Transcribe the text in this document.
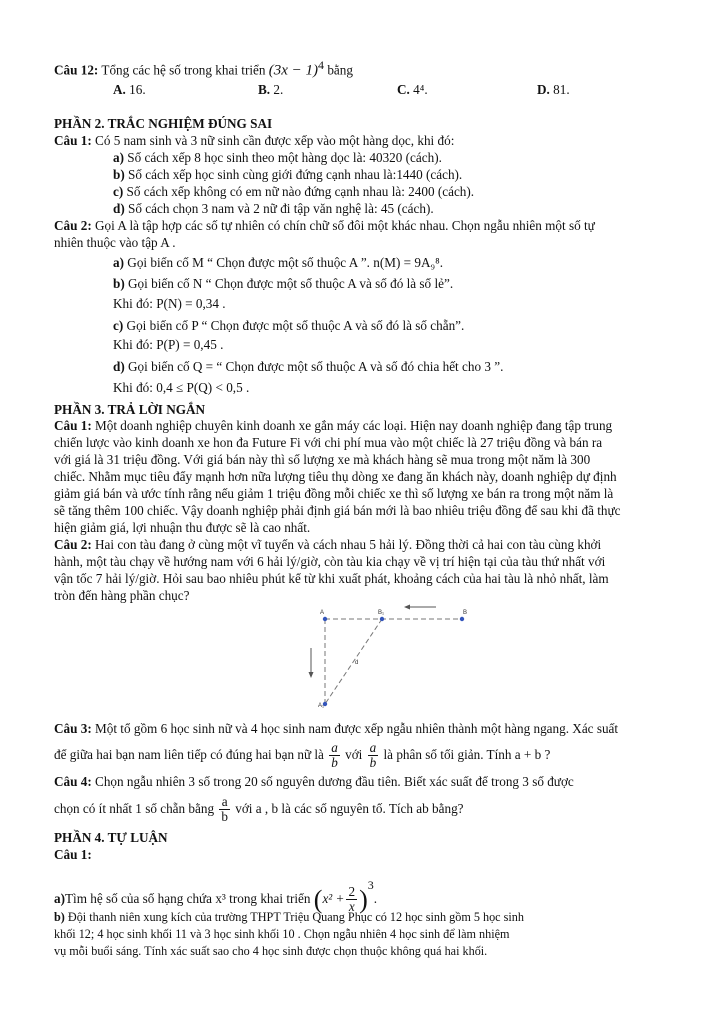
Câu 12: Tổng các hệ số trong khai triển $(3x - 1)^4$ bằng
A. 16.	B. 2.	C. 4⁴.	D. 81.
PHẦN 2. TRẮC NGHIỆM ĐÚNG SAI
Câu 1: Có 5 nam sinh và 3 nữ sinh cần được xếp vào một hàng dọc, khi đó:
a) Số cách xếp 8 học sinh theo một hàng dọc là: 40320 (cách).
b) Số cách xếp học sinh cùng giới đứng cạnh nhau là:1440 (cách).
c) Số cách xếp không có em nữ nào đứng cạnh nhau là: 2400 (cách).
d) Số cách chọn 3 nam và 2 nữ đi tập văn nghệ là: 45 (cách).
Câu 2: Gọi A là tập hợp các số tự nhiên có chín chữ số đôi một khác nhau. Chọn ngẫu nhiên một số tự
nhiên thuộc vào tập A .
a) Gọi biến cố M “ Chọn được một số thuộc A ”. n(M) = 9A₉⁸.
b) Gọi biến cố N “ Chọn được một số thuộc A và số đó là số lẻ”.
Khi đó: P(N) = 0,34 .
c) Gọi biến cố P “ Chọn được một số thuộc A và số đó là số chẵn”.
Khi đó: P(P) = 0,45 .
d) Gọi biến cố Q = “ Chọn được một số thuộc A và số đó chia hết cho 3 ”.
Khi đó: 0,4 ≤ P(Q) < 0,5 .
PHẦN 3. TRẢ LỜI NGẮN
Câu 1: Một doanh nghiệp chuyên kinh doanh xe gắn máy các loại. Hiện nay doanh nghiệp đang tập trung
chiến lược vào kinh doanh xe hon đa Future Fi với chi phí mua vào một chiếc là 27 triệu đồng và bán ra
với giá là 31 triệu đồng. Với giá bán này thì số lượng xe mà khách hàng sẽ mua trong một năm là 300
chiếc. Nhằm mục tiêu đẩy mạnh hơn nữa lượng tiêu thụ dòng xe đang ăn khách này, doanh nghiệp dự định
giảm giá bán và ước tính rằng nếu giảm 1 triệu đồng mỗi chiếc xe thì số lượng xe bán ra trong một năm là
sẽ tăng thêm 100 chiếc. Vậy doanh nghiệp phải định giá bán mới là bao nhiêu triệu đồng để sau khi đã thực
hiện giảm giá, lợi nhuận thu được sẽ là cao nhất.
Câu 2: Hai con tàu đang ở cùng một vĩ tuyến và cách nhau 5 hải lý. Đồng thời cả hai con tàu cùng khởi
hành, một tàu chạy về hướng nam với 6 hải lý/giờ, còn tàu kia chạy về vị trí hiện tại của tàu thứ nhất với
vận tốc 7 hải lý/giờ. Hỏi sau bao nhiêu phút kể từ khi xuất phát, khoảng cách của hai tàu là nhỏ nhất, làm
tròn đến hàng phần chục?
A	B₁	B
A₁
d
Câu 3: Một tổ gồm 6 học sinh nữ và 4 học sinh nam được xếp ngẫu nhiên thành một hàng ngang. Xác suất
để giữa hai bạn nam liên tiếp có đúng hai bạn nữ là $\frac{a}{b}$ với $\frac{a}{b}$ là phân số tối giản. Tính a + b ?
Câu 4: Chọn ngẫu nhiên 3 số trong 20 số nguyên dương đầu tiên. Biết xác suất để trong 3 số được
chọn có ít nhất 1 số chẵn bằng $\frac{a}{b}$ với a , b là các số nguyên tố. Tích ab bằng?
PHẦN 4. TỰ LUẬN
Câu 1:
a)Tìm hệ số của số hạng chứa x³ trong khai triển $(x^2 + \frac{2}{x} )^3$.
b) Đội thanh niên xung kích của trường THPT Triệu Quang Phục có 12 học sinh gồm 5 học sinh
khối 12; 4 học sinh khối 11 và 3 học sinh khối 10 . Chọn ngẫu nhiên 4 học sinh để làm nhiệm
vụ mỗi buổi sáng. Tính xác suất sao cho 4 học sinh được chọn thuộc không quá hai khối.
